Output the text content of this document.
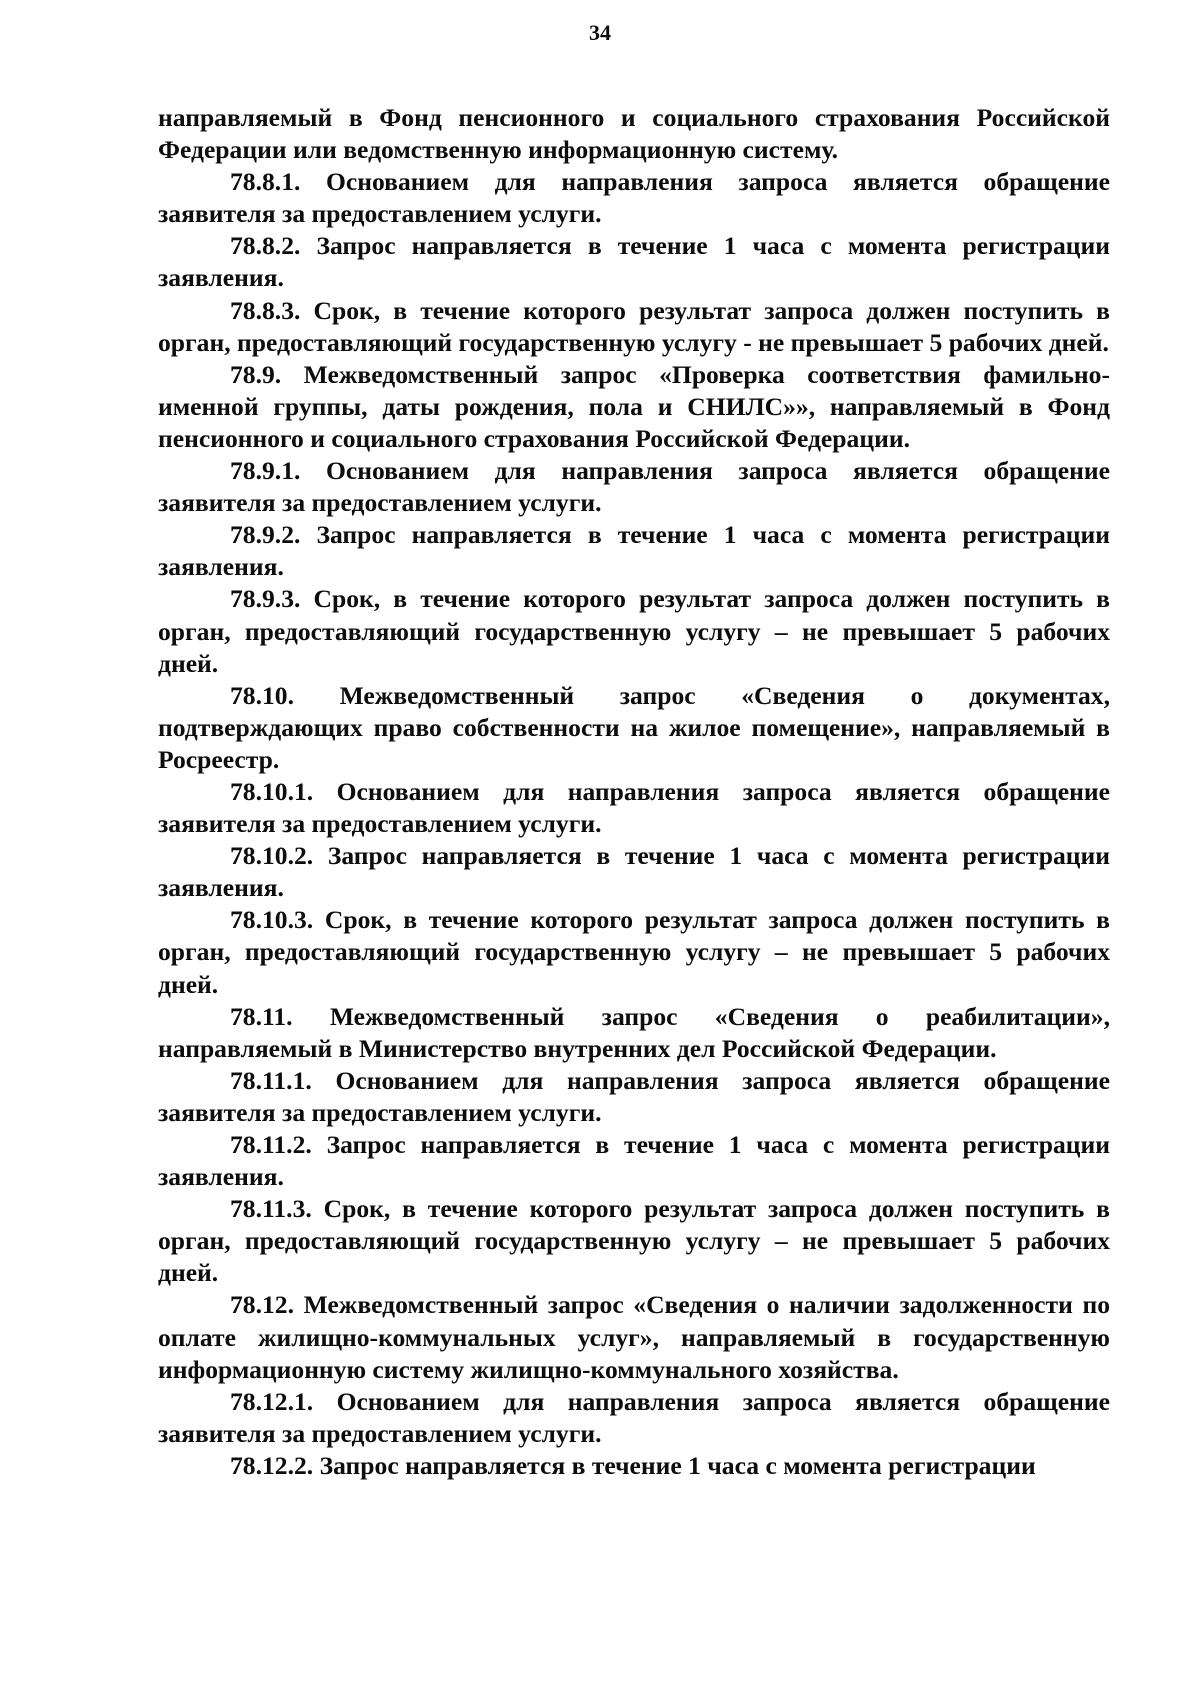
34

направляемый в Фонд пенсионного и социального страхования Российской Федерации или ведомственную информационную систему.

78.8.1. Основанием для направления запроса является обращение заявителя за предоставлением услуги.

78.8.2. Запрос направляется в течение 1 часа с момента регистрации заявления.

78.8.3. Срок, в течение которого результат запроса должен поступить в орган, предоставляющий государственную услугу - не превышает 5 рабочих дней.

78.9. Межведомственный запрос «Проверка соответствия фамильно-именной группы, даты рождения, пола и СНИЛС»», направляемый в Фонд пенсионного и социального страхования Российской Федерации.

78.9.1. Основанием для направления запроса является обращение заявителя за предоставлением услуги.

78.9.2. Запрос направляется в течение 1 часа с момента регистрации заявления.

78.9.3. Срок, в течение которого результат запроса должен поступить в орган, предоставляющий государственную услугу – не превышает 5 рабочих дней.

78.10. Межведомственный запрос «Сведения о документах, подтверждающих право собственности на жилое помещение», направляемый в Росреестр.

78.10.1. Основанием для направления запроса является обращение заявителя за предоставлением услуги.

78.10.2. Запрос направляется в течение 1 часа с момента регистрации заявления.

78.10.3. Срок, в течение которого результат запроса должен поступить в орган, предоставляющий государственную услугу – не превышает 5 рабочих дней.

78.11. Межведомственный запрос «Сведения о реабилитации», направляемый в Министерство внутренних дел Российской Федерации.

78.11.1. Основанием для направления запроса является обращение заявителя за предоставлением услуги.

78.11.2. Запрос направляется в течение 1 часа с момента регистрации заявления.

78.11.3. Срок, в течение которого результат запроса должен поступить в орган, предоставляющий государственную услугу – не превышает 5 рабочих дней.

78.12. Межведомственный запрос «Сведения о наличии задолженности по оплате жилищно-коммунальных услуг», направляемый в государственную информационную систему жилищно-коммунального хозяйства.

78.12.1. Основанием для направления запроса является обращение заявителя за предоставлением услуги.

78.12.2. Запрос направляется в течение 1 часа с момента регистрации
